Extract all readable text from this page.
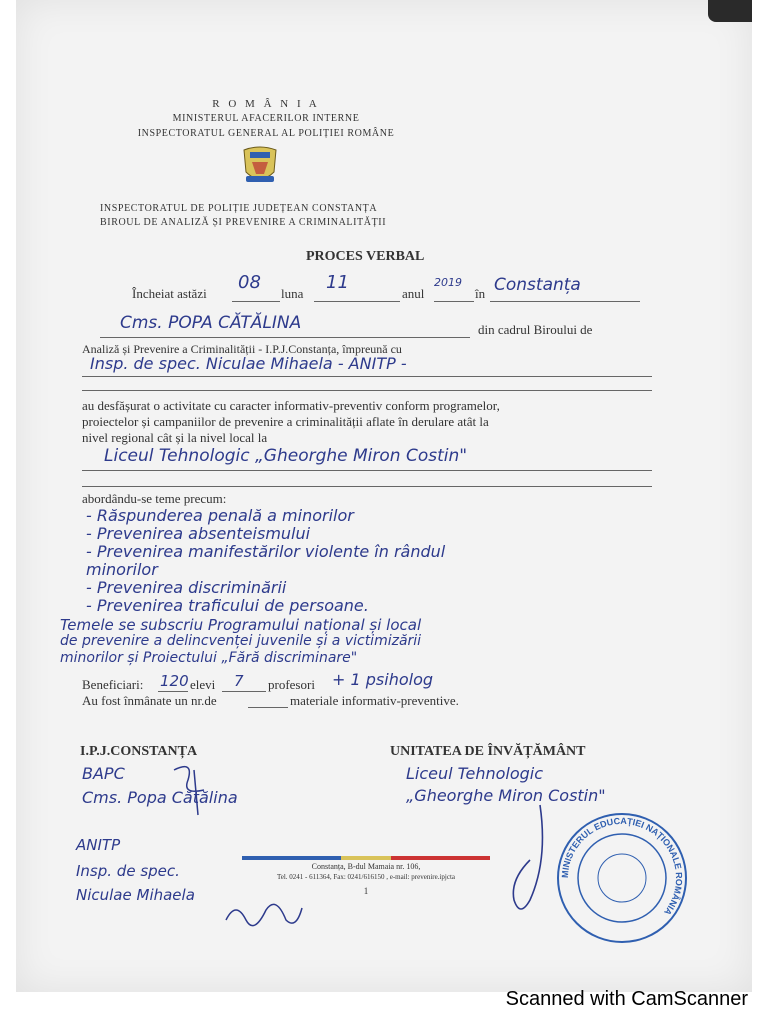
R O M Â N I A
MINISTERUL AFACERILOR INTERNE
INSPECTORATUL GENERAL AL POLIȚIEI ROMÂNE
INSPECTORATUL DE POLIȚIE JUDEȚEAN CONSTANȚA
BIROUL DE ANALIZĂ ȘI PREVENIRE A CRIMINALITĂȚII
PROCES VERBAL
Încheiat astăzi
08
luna
11
anul
2019
în Constanța
Cms. POPA CĂTĂLINA	din cadrul Biroului de
Analiză și Prevenire a Criminalității - I.P.J.Constanța, împreună cu
Insp. de spec. Niculae Mihaela - ANITP -
au desfășurat o activitate cu caracter informativ-preventiv conform programelor,
proiectelor și campaniilor de prevenire a criminalității aflate în derulare atât la
nivel regional cât și la nivel local la
Liceul Tehnologic „Gheorghe Miron Costin"
abordându-se teme precum:
- Răspunderea penală a minorilor
- Prevenirea absenteismului
- Prevenirea manifestărilor violente în rândul
minorilor
- Prevenirea discriminării
- Prevenirea traficului de persoane.
Temele se subscriu Programului național și local
de prevenire a delincvenței juvenile și a victimizării
minorilor și Proiectului „Fără discriminare"
Beneficiari: 120 elevi 7 profesori + 1 psiholog
Au fost înmânate un nr.de	materiale informativ-preventive.
I.P.J.CONSTANȚA
BAPC
Cms. Popa Cătălina
ANITP
Insp. de spec.
Niculae Mihaela
UNITATEA DE ÎNVĂȚĂMÂNT
Liceul Tehnologic
„Gheorghe Miron Costin"
MINISTERUL EDUCAȚIEI NAȚIONALE ROMÂNIA
Constanța, B-dul Mamaia nr. 106,
Tel. 0241 - 611364, Fax: 0241/616150 , e-mail: prevenire.ipjcta
1
Scanned with CamScanner
